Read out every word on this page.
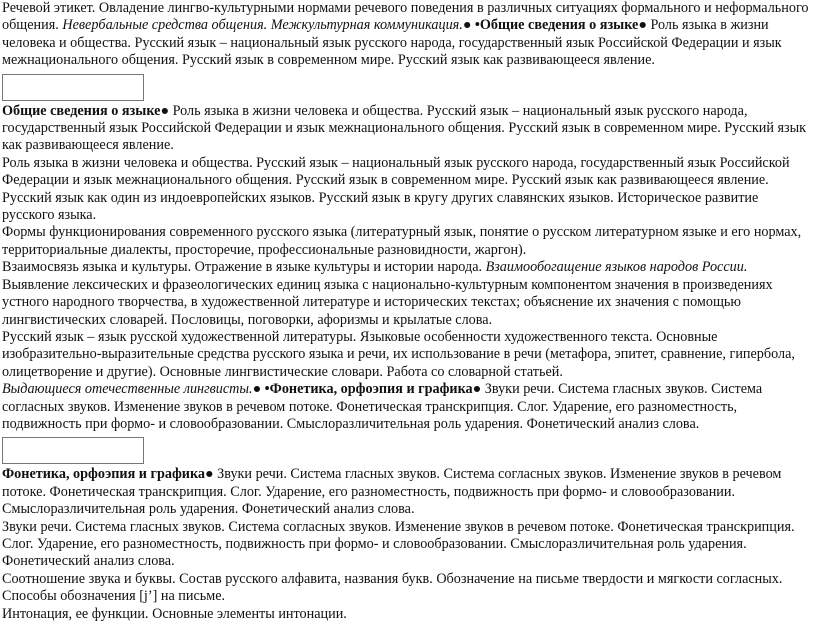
Речевой этикет. Овладение лингво-культурными нормами речевого поведения в различных ситуациях формального и неформального общения. Невербальные средства общения. Межкультурная коммуникация.● •Общие сведения о языке● Роль языка в жизни человека и общества. Русский язык – национальный язык русского народа, государственный язык Российской Федерации и язык межнационального общения. Русский язык в современном мире. Русский язык как развивающееся явление.

Общие сведения о языке● Роль языка в жизни человека и общества. Русский язык – национальный язык русского народа, государственный язык Российской Федерации и язык межнационального общения. Русский язык в современном мире. Русский язык как развивающееся явление.

Роль языка в жизни человека и общества. Русский язык – национальный язык русского народа, государственный язык Российской Федерации и язык межнационального общения. Русский язык в современном мире. Русский язык как развивающееся явление.

Русский язык как один из индоевропейских языков. Русский язык в кругу других славянских языков. Историческое развитие русского языка.

Формы функционирования современного русского языка (литературный язык, понятие о русском литературном языке и его нормах, территориальные диалекты, просторечие, профессиональные разновидности, жаргон).

Взаимосвязь языка и культуры. Отражение в языке культуры и истории народа. Взаимообогащение языков народов России. Выявление лексических и фразеологических единиц языка с национально-культурным компонентом значения в произведениях устного народного творчества, в художественной литературе и исторических текстах; объяснение их значения с помощью лингвистических словарей. Пословицы, поговорки, афоризмы и крылатые слова.

Русский язык – язык русской художественной литературы. Языковые особенности художественного текста. Основные изобразительно-выразительные средства русского языка и речи, их использование в речи (метафора, эпитет, сравнение, гипербола, олицетворение и другие). Основные лингвистические словари. Работа со словарной статьей.

Выдающиеся отечественные лингвисты.● •Фонетика, орфоэпия и графика● Звуки речи. Система гласных звуков. Система согласных звуков. Изменение звуков в речевом потоке. Фонетическая транскрипция. Слог. Ударение, его разноместность, подвижность при формо- и словообразовании. Смыслоразличительная роль ударения. Фонетический анализ слова.

Фонетика, орфоэпия и графика● Звуки речи. Система гласных звуков. Система согласных звуков. Изменение звуков в речевом потоке. Фонетическая транскрипция. Слог. Ударение, его разноместность, подвижность при формо- и словообразовании. Смыслоразличительная роль ударения. Фонетический анализ слова.

Звуки речи. Система гласных звуков. Система согласных звуков. Изменение звуков в речевом потоке. Фонетическая транскрипция. Слог. Ударение, его разноместность, подвижность при формо- и словообразовании. Смыслоразличительная роль ударения. Фонетический анализ слова.

Соотношение звука и буквы. Состав русского алфавита, названия букв. Обозначение на письме твердости и мягкости согласных. Способы обозначения [j’] на письме.

Интонация, ее функции. Основные элементы интонации.
